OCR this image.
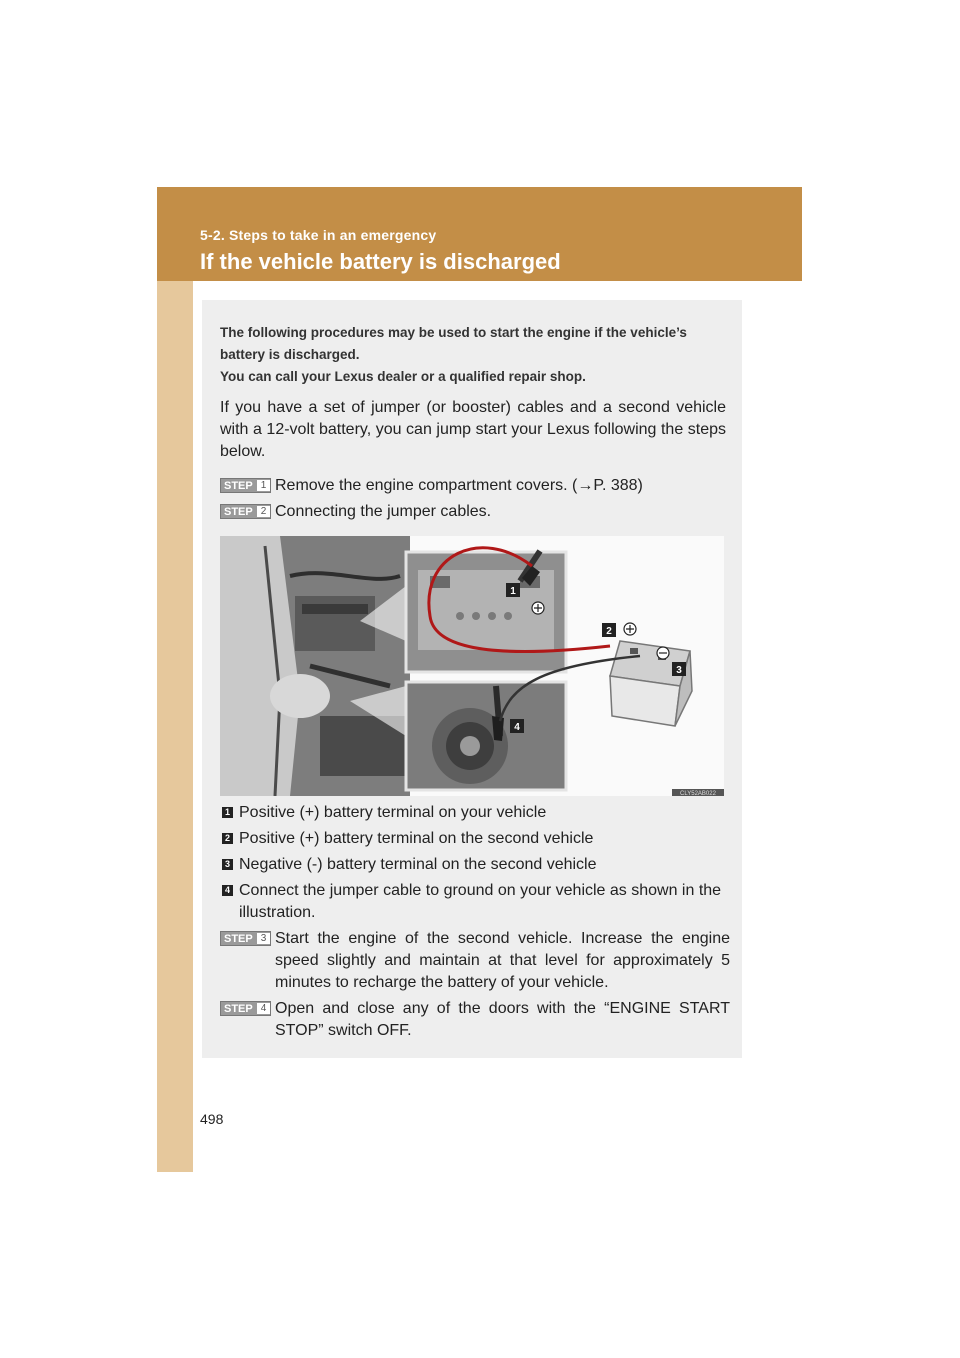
5-2. Steps to take in an emergency
If the vehicle battery is discharged
The following procedures may be used to start the engine if the vehicle’s battery is discharged.
You can call your Lexus dealer or a qualified repair shop.
If you have a set of jumper (or booster) cables and a second vehicle with a 12-volt battery, you can jump start your Lexus following the steps below.
STEP 1 Remove the engine compartment covers. (→P. 388)
STEP 2 Connecting the jumper cables.
1
2
3
4
CLY52AB022
1 Positive (+) battery terminal on your vehicle
2 Positive (+) battery terminal on the second vehicle
3 Negative (-) battery terminal on the second vehicle
4 Connect the jumper cable to ground on your vehicle as shown in the illustration.
STEP 3 Start the engine of the second vehicle. Increase the engine speed slightly and maintain at that level for approximately 5 minutes to recharge the battery of your vehicle.
STEP 4 Open and close any of the doors with the “ENGINE START STOP” switch OFF.
498
